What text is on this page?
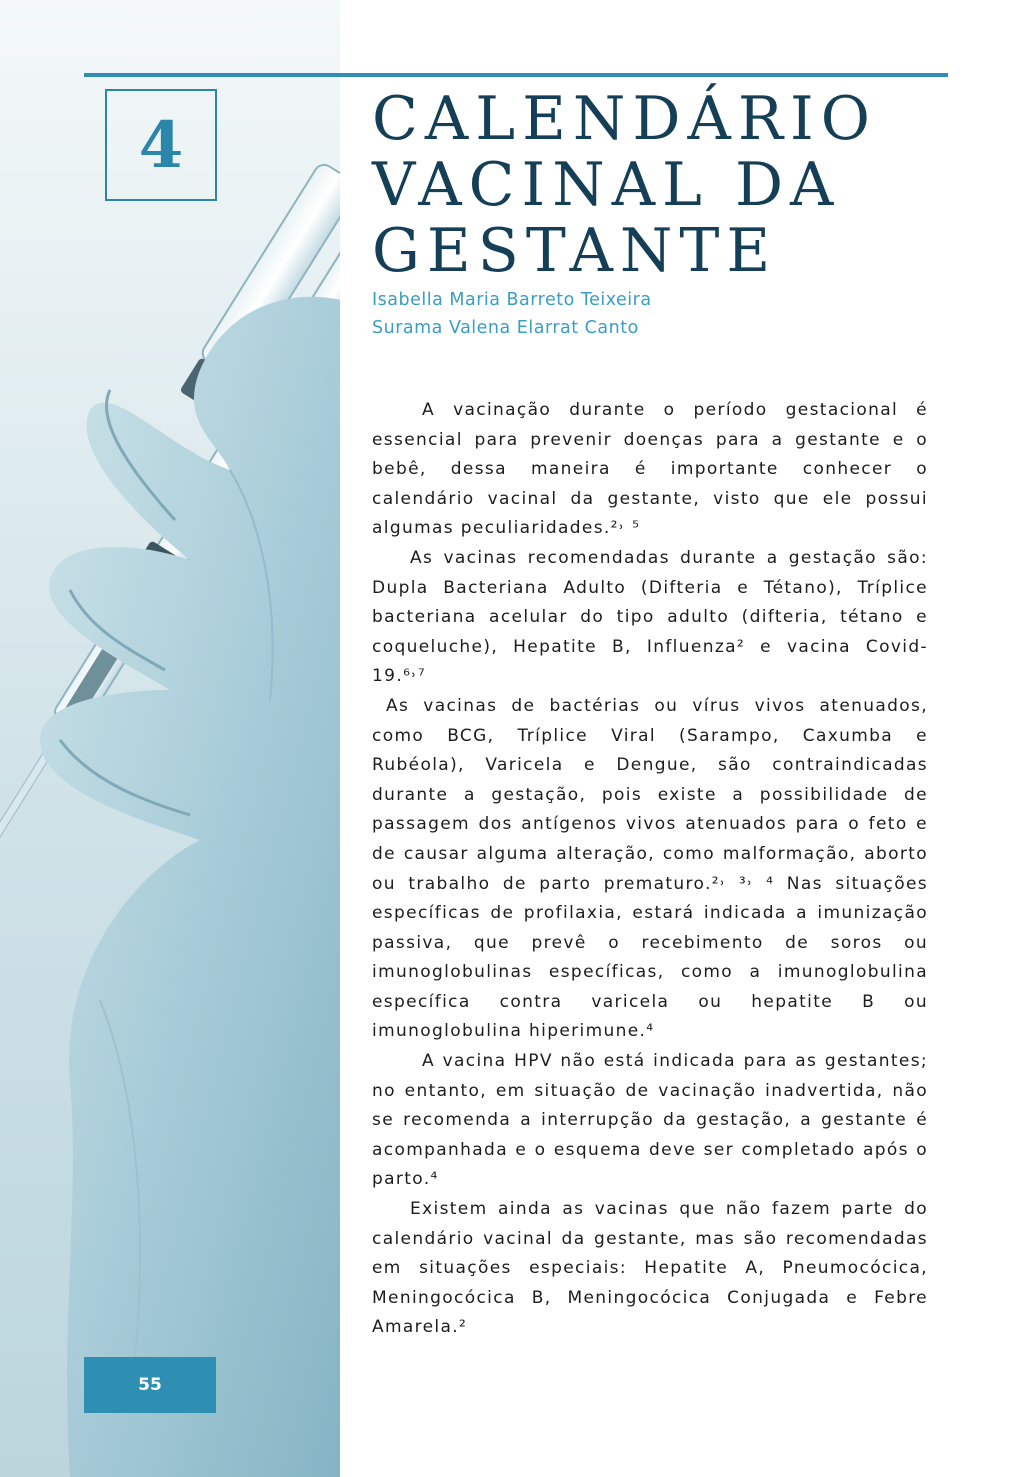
4	CALENDÁRIO
VACINAL DA
GESTANTE
Isabella Maria Barreto Teixeira
Surama Valena Elarrat Canto

A vacinação durante o período gestacional é essencial para prevenir doenças para a gestante e o bebê, dessa maneira é importante conhecer o calendário vacinal da gestante, visto que ele possui algumas peculiaridades.²˒ ⁵

As vacinas recomendadas durante a gestação são: Dupla Bacteriana Adulto (Difteria e Tétano), Tríplice bacteriana acelular do tipo adulto (difteria, tétano e coqueluche), Hepatite B, Influenza² e vacina Covid-19.⁶˒⁷

As vacinas de bactérias ou vírus vivos atenuados, como BCG, Tríplice Viral (Sarampo, Caxumba e Rubéola), Varicela e Dengue, são contraindicadas durante a gestação, pois existe a possibilidade de passagem dos antígenos vivos atenuados para o feto e de causar alguma alteração, como malformação, aborto ou trabalho de parto prematuro.²˒ ³˒ ⁴ Nas situações específicas de profilaxia, estará indicada a imunização passiva, que prevê o recebimento de soros ou imunoglobulinas específicas, como a imunoglobulina específica contra varicela ou hepatite B ou imunoglobulina hiperimune.⁴

A vacina HPV não está indicada para as gestantes; no entanto, em situação de vacinação inadvertida, não se recomenda a interrupção da gestação, a gestante é acompanhada e o esquema deve ser completado após o parto.⁴

Existem ainda as vacinas que não fazem parte do calendário vacinal da gestante, mas são recomendadas em situações especiais: Hepatite A, Pneumocócica, Meningocócica B, Meningocócica Conjugada e Febre Amarela.²

55
